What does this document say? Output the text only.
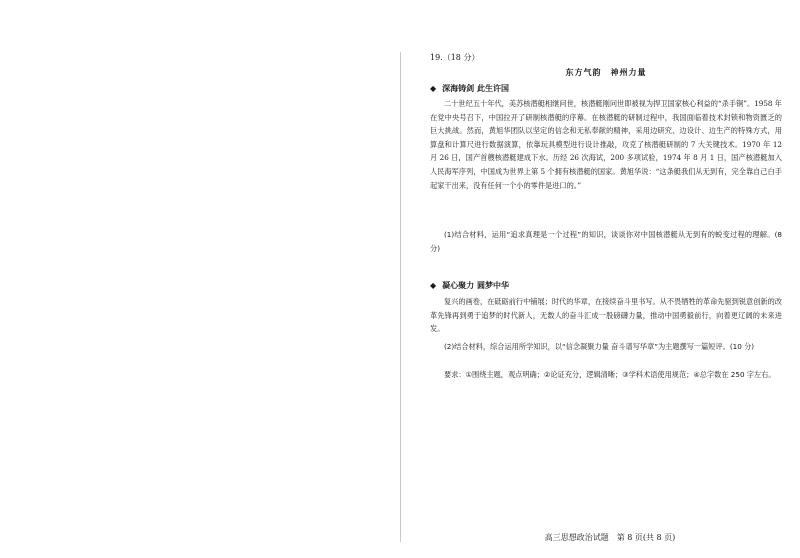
19.（18 分）
东方气韵　神州力量
◆ 深海铸剑 此生许国
二十世纪五十年代，美苏核潜艇相继问世，核潜艇刚问世即被视为捍卫国家核心利益的“杀手锏”。1958 年在党中央号召下，中国拉开了研制核潜艇的序幕。在核潜艇的研制过程中，我国面临着技术封锁和物资匮乏的巨大挑战。然而，黄旭华团队以坚定的信念和无私奉献的精神，采用边研究、边设计、边生产的特殊方式，用算盘和计算尺进行数据演算，依靠玩具模型进行设计推敲，攻克了核潜艇研制的 7 大关键技术。1970 年 12 月 26 日，国产首艘核潜艇建成下水。历经 26 次海试，200 多项试验，1974 年 8 月 1 日，国产核潜艇加入人民海军序列，中国成为世界上第 5 个拥有核潜艇的国家。黄旭华说：“这条艇我们从无到有，完全靠自己白手起家干出来，没有任何一个小的零件是进口的。”
(1)结合材料，运用“追求真理是一个过程”的知识，谈谈你对中国核潜艇从无到有的蜕变过程的理解。(8 分)
◆ 凝心聚力 圆梦中华
复兴的画卷，在砥砺前行中铺展；时代的华章，在接续奋斗里书写。从不畏牺牲的革命先驱到锐意创新的改革先锋再到勇于追梦的时代新人，无数人的奋斗汇成一股磅礴力量，推动中国勇毅前行，向着更辽阔的未来进发。
(2)结合材料，综合运用所学知识，以“信念凝聚力量 奋斗谱写华章”为主题撰写一篇短评。(10 分)
要求：①围绕主题，观点明确；②论证充分，逻辑清晰；③学科术语使用规范；④总字数在 250 字左右。
高三思想政治试题　第 8 页(共 8 页)
